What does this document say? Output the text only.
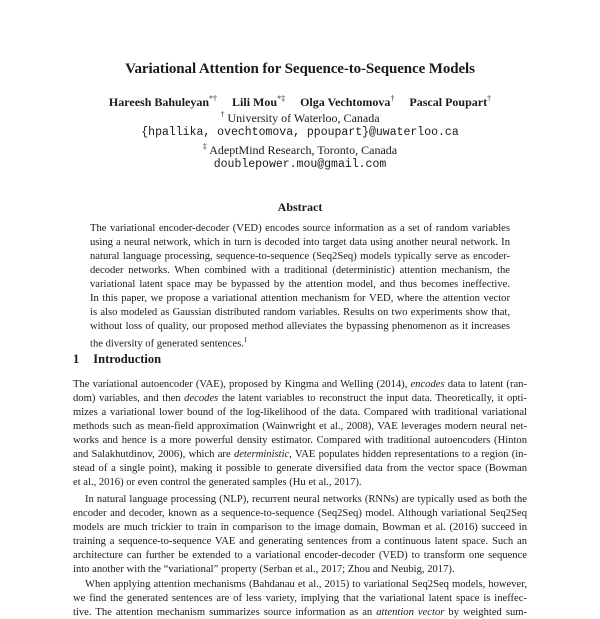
Variational Attention for Sequence-to-Sequence Models
Hareesh Bahuleyan*† Lili Mou*‡ Olga Vechtomova† Pascal Poupart†
† University of Waterloo, Canada
{hpallika, ovechtomova, ppoupart}@uwaterloo.ca
‡ AdeptMind Research, Toronto, Canada
doublepower.mou@gmail.com
Abstract
The variational encoder-decoder (VED) encodes source information as a set of random variables
using a neural network, which in turn is decoded into target data using another neural network. In
natural language processing, sequence-to-sequence (Seq2Seq) models typically serve as encoder-
decoder networks. When combined with a traditional (deterministic) attention mechanism, the
variational latent space may be bypassed by the attention model, and thus becomes ineffective.
In this paper, we propose a variational attention mechanism for VED, where the attention vector
is also modeled as Gaussian distributed random variables. Results on two experiments show that,
without loss of quality, our proposed method alleviates the bypassing phenomenon as it increases
the diversity of generated sentences.$^1$
1 Introduction
The variational autoencoder (VAE), proposed by Kingma and Welling (2014), encodes data to latent (ran-
dom) variables, and then decodes the latent variables to reconstruct the input data. Theoretically, it opti-
mizes a variational lower bound of the log-likelihood of the data. Compared with traditional variational
methods such as mean-field approximation (Wainwright et al., 2008), VAE leverages modern neural net-
works and hence is a more powerful density estimator. Compared with traditional autoencoders (Hinton
and Salakhutdinov, 2006), which are deterministic, VAE populates hidden representations to a region (in-
stead of a single point), making it possible to generate diversified data from the vector space (Bowman
et al., 2016) or even control the generated samples (Hu et al., 2017).
In natural language processing (NLP), recurrent neural networks (RNNs) are typically used as both the
encoder and decoder, known as a sequence-to-sequence (Seq2Seq) model. Although variational Seq2Seq
models are much trickier to train in comparison to the image domain, Bowman et al. (2016) succeed in
training a sequence-to-sequence VAE and generating sentences from a continuous latent space. Such an
architecture can further be extended to a variational encoder-decoder (VED) to transform one sequence
into another with the “variational” property (Serban et al., 2017; Zhou and Neubig, 2017).
When applying attention mechanisms (Bahdanau et al., 2015) to variational Seq2Seq models, however,
we find the generated sentences are of less variety, implying that the variational latent space is ineffec-
tive. The attention mechanism summarizes source information as an attention vector by weighted sum-
